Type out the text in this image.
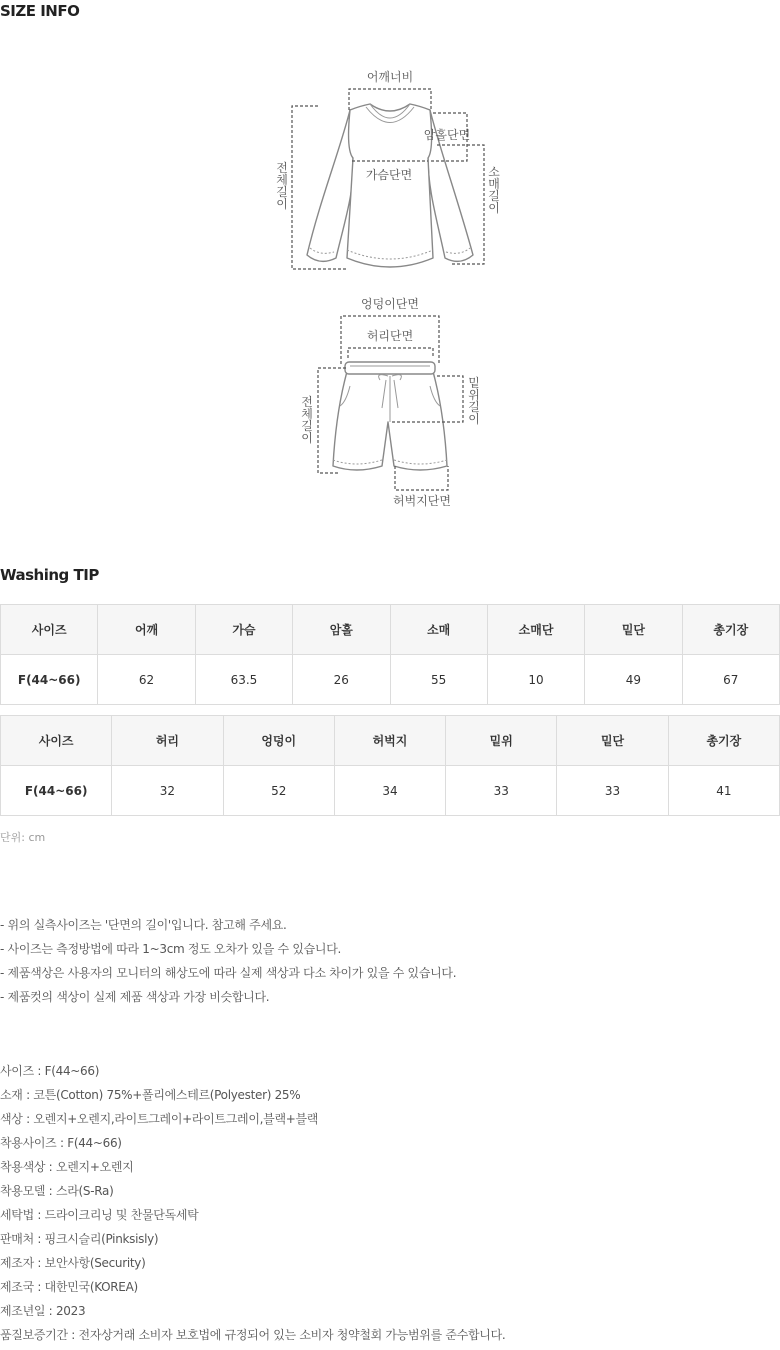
SIZE INFO
어깨너비
암홀단면
가슴단면
전
체
길
이
소
매
길
이
엉덩이단면
허리단면
허벅지단면
전
체
길
이
밑
위
길
이
Washing TIP
사이즈	어깨	가슴	암홀	소매	소매단	밑단	총기장
F(44~66)	62	63.5	26	55	10	49	67
사이즈	허리	엉덩이	허벅지	밑위	밑단	총기장
F(44~66)	32	52	34	33	33	41
단위: cm
- 위의 실측사이즈는 '단면의 길이'입니다. 참고해 주세요.
- 사이즈는 측정방법에 따라 1~3cm 정도 오차가 있을 수 있습니다.
- 제품색상은 사용자의 모니터의 해상도에 따라 실제 색상과 다소 차이가 있을 수 있습니다.
- 제품컷의 색상이 실제 제품 색상과 가장 비슷합니다.
사이즈 : F(44~66)
소재 : 코튼(Cotton) 75%+폴리에스테르(Polyester) 25%
색상 : 오렌지+오렌지,라이트그레이+라이트그레이,블랙+블랙
착용사이즈 : F(44~66)
착용색상 : 오렌지+오렌지
착용모델 : 스라(S-Ra)
세탁법 : 드라이크리닝 및 찬물단독세탁
판매처 : 핑크시슬리(Pinksisly)
제조자 : 보안사항(Security)
제조국 : 대한민국(KOREA)
제조년일 : 2023
품질보증기간 : 전자상거래 소비자 보호법에 규정되어 있는 소비자 청약철회 가능범위를 준수합니다.
